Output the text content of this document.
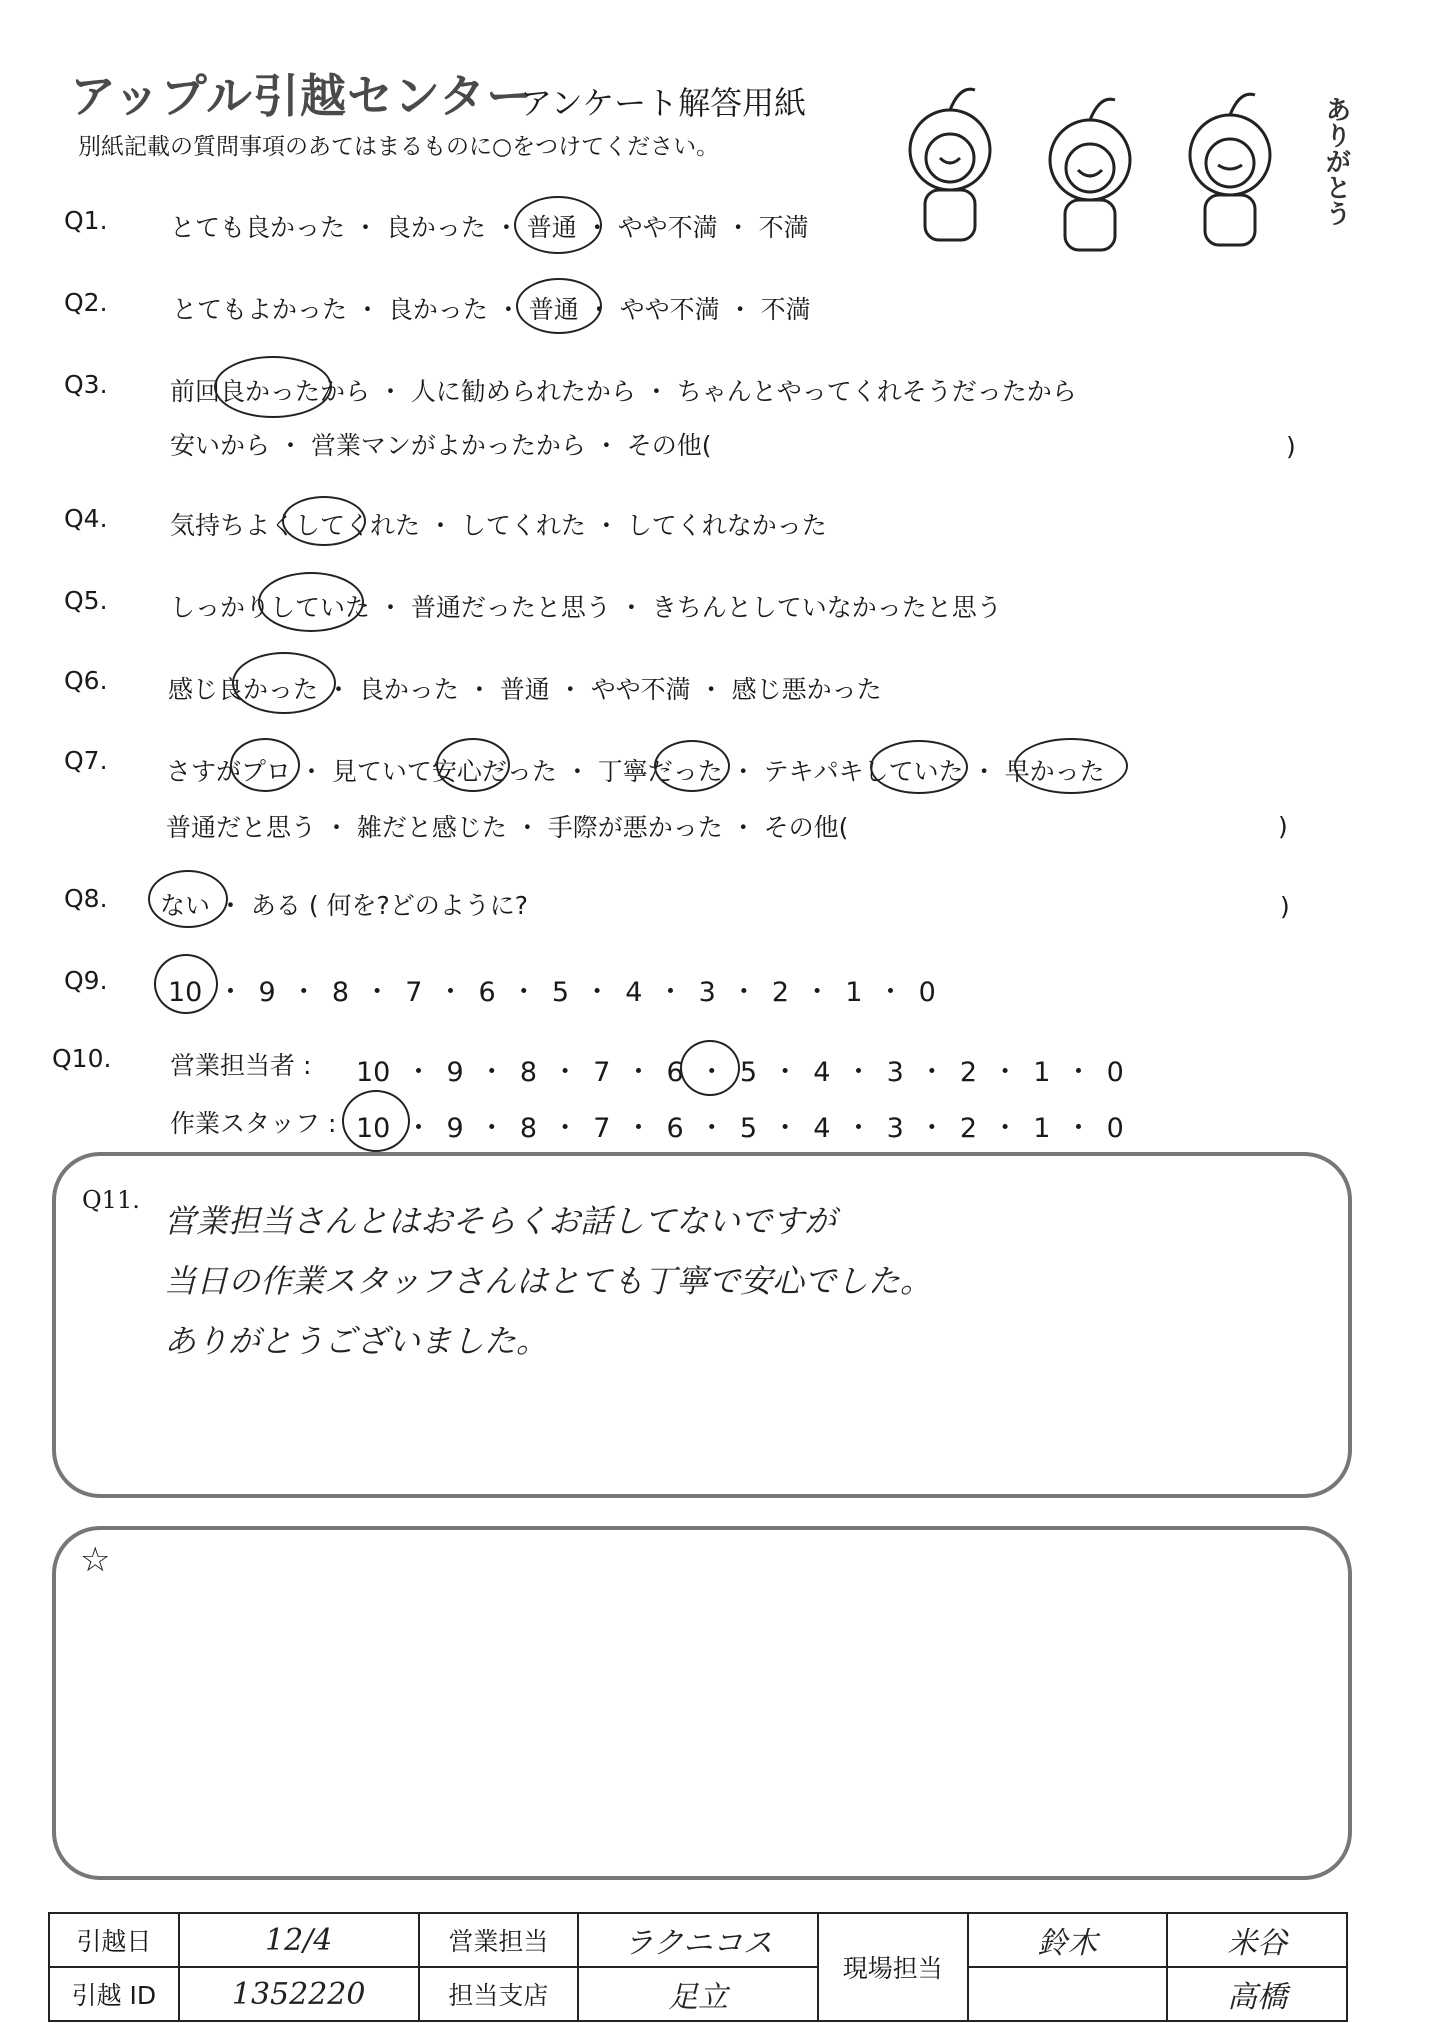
アップル引越センター
アンケート解答用紙
別紙記載の質問事項のあてはまるものに○をつけてください。	ありがとう
Q1. とても良かった ・ 良かった ・ 普通 ・ やや不満 ・ 不満
Q2.	とてもよかった ・ 良かった ・ 普通 ・ やや不満 ・ 不満
Q3. 前回良かったから ・ 人に勧められたから ・ ちゃんとやってくれそうだったから
安いから ・ 営業マンがよかったから ・ その他(	)
Q4. 気持ちよくしてくれた ・ してくれた ・ してくれなかった
Q5. しっかりしていた ・ 普通だったと思う ・ きちんとしていなかったと思う
Q6. 感じ良かった ・ 良かった ・ 普通 ・ やや不満 ・ 感じ悪かった
Q7. さすがプロ ・ 見ていて安心だった ・ 丁寧だった ・ テキパキしていた ・ 早かった
普通だと思う ・ 雑だと感じた ・ 手際が悪かった ・ その他(	)
Q8. ない ・ ある ( 何を?どのように?	)
Q9. 10 ・ 9 ・ 8 ・ 7 ・ 6 ・ 5 ・ 4 ・ 3 ・ 2 ・ 1 ・ 0
Q10. 営業担当者 : 10 ・ 9 ・ 8 ・ 7 ・ 6 ・ 5 ・ 4 ・ 3 ・ 2 ・ 1 ・ 0
作業スタッフ : 10 ・ 9 ・ 8 ・ 7 ・ 6 ・ 5 ・ 4 ・ 3 ・ 2 ・ 1 ・ 0
Q11.
営業担当さんとはおそらくお話してないですが
当日の作業スタッフさんはとても丁寧で安心でした。
ありがとうございました。
☆
引越日	12/4	営業担当	ラクニコス	現場担当	鈴木	米谷
引越 ID	1352220	担当支店	足立			高橋
